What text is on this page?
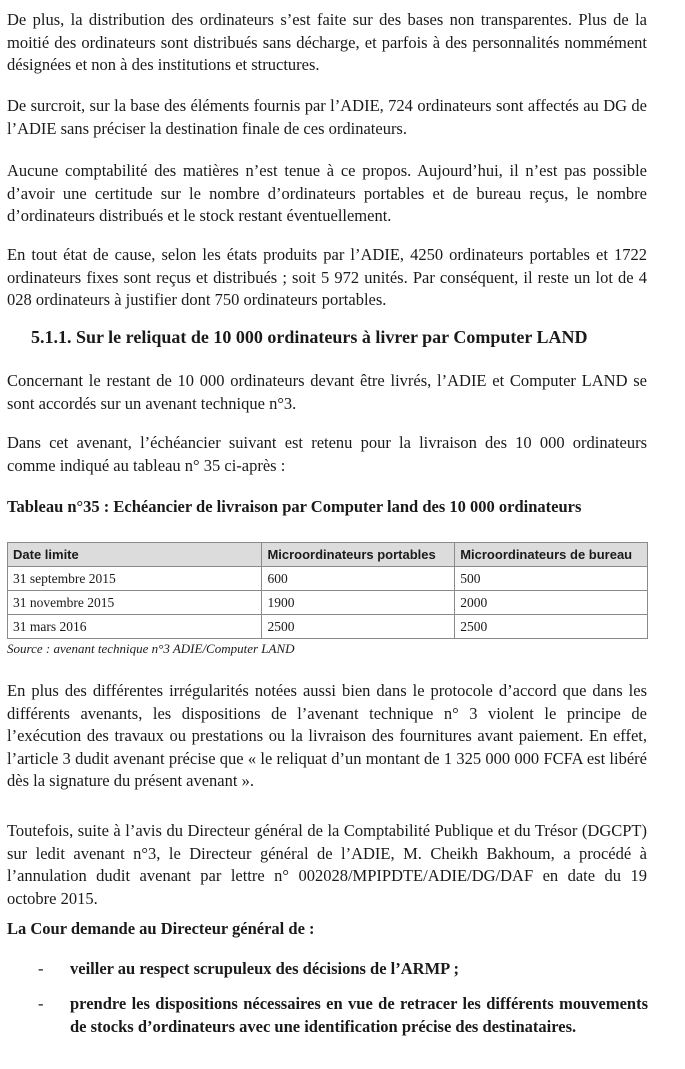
De plus, la distribution des ordinateurs s’est faite sur des bases non transparentes. Plus de la moitié des ordinateurs sont distribués sans décharge, et parfois à des personnalités nommément désignées et non à des institutions et structures.

De surcroit, sur la base des éléments fournis par l’ADIE, 724 ordinateurs sont affectés au DG de l’ADIE sans préciser la destination finale de ces ordinateurs.

Aucune comptabilité des matières n’est tenue à ce propos. Aujourd’hui, il n’est pas possible d’avoir une certitude sur le nombre d’ordinateurs portables et de bureau reçus, le nombre d’ordinateurs distribués et le stock restant éventuellement.

En tout état de cause, selon les états produits par l’ADIE, 4250 ordinateurs portables et 1722 ordinateurs fixes sont reçus et distribués ; soit 5 972 unités. Par conséquent, il reste un lot de 4 028 ordinateurs à justifier dont 750 ordinateurs portables.

5.1.1. Sur le reliquat de 10 000 ordinateurs à livrer par Computer LAND

Concernant le restant de 10 000 ordinateurs devant être livrés, l’ADIE et Computer LAND se sont accordés sur un avenant technique n°3.

Dans cet avenant, l’échéancier suivant est retenu pour la livraison des 10 000 ordinateurs comme indiqué au tableau n° 35 ci-après :

Tableau n°35 : Echéancier de livraison par Computer land des 10 000 ordinateurs

Date limite	Microordinateurs portables	Microordinateurs de bureau
31 septembre 2015	600	500
31 novembre 2015	1900	2000
31 mars 2016	2500	2500

Source : avenant technique n°3 ADIE/Computer LAND

En plus des différentes irrégularités notées aussi bien dans le protocole d’accord que dans les différents avenants, les dispositions de l’avenant technique n° 3 violent le principe de l’exécution des travaux ou prestations ou la livraison des fournitures avant paiement. En effet, l’article 3 dudit avenant précise que « le reliquat d’un montant de 1 325 000 000 FCFA est libéré dès la signature du présent avenant ».

Toutefois, suite à l’avis du Directeur général de la Comptabilité Publique et du Trésor (DGCPT) sur ledit avenant n°3, le Directeur général de l’ADIE, M. Cheikh Bakhoum, a procédé à l’annulation dudit avenant par lettre n° 002028/MPIPDTE/ADIE/DG/DAF en date du 19 octobre 2015.

La Cour demande au Directeur général de :

- veiller au respect scrupuleux des décisions de l’ARMP ;
- prendre les dispositions nécessaires en vue de retracer les différents mouvements de stocks d’ordinateurs avec une identification précise des destinataires.
